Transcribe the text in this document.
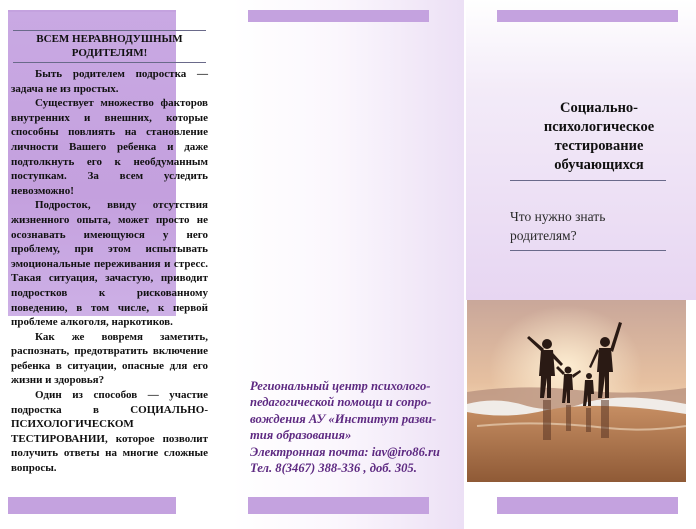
ВСЕМ НЕРАВНОДУШНЫМ РОДИТЕЛЯМ!

Быть родителем подростка — задача не из простых.

Существует множество факторов внутренних и внешних, которые способны повлиять на становление личности Вашего ребенка и даже подтолкнуть его к необдуманным поступкам. За всем уследить невозможно!

Подросток, ввиду отсутствия жизненного опыта, может просто не осознавать имеющуюся у него проблему, при этом испытывать эмоциональные переживания и стресс. Такая ситуация, зачастую, приводит подростков к рискованному поведению, в том числе, к первой проблеме алкоголя, наркотиков.

Как же вовремя заметить, распознать, предотвратить включение ребенка в ситуации, опасные для его жизни и здоровья?

Один из способов — участие подростка в СОЦИАЛЬНО-ПСИХОЛОГИЧЕСКОМ ТЕСТИРОВАНИИ, которое позволит получить ответы на многие сложные вопросы.

Региональный центр психолого-
педагогической помощи и сопро-
вождения АУ «Институт разви-
тия образования»
Электронная почта: iav@iro86.ru
Тел. 8(3467) 388-336 , доб. 305.
Социально-
психологическое
тестирование
обучающихся
Что нужно знать
родителям?
